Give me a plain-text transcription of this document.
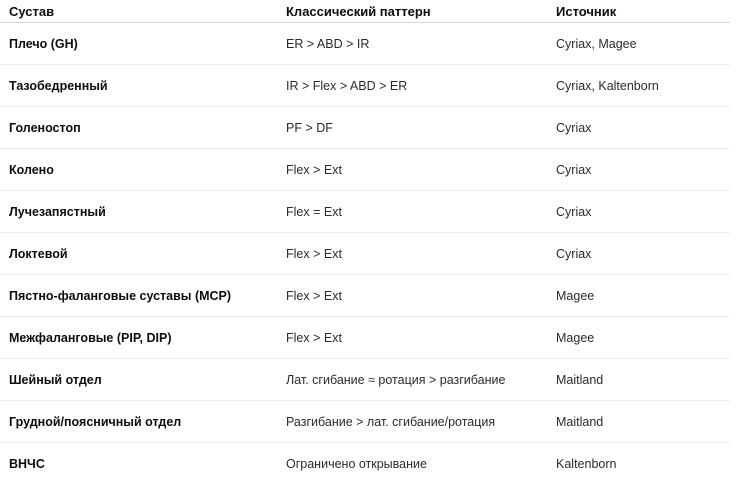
Сустав	Классический паттерн	Источник
Плечо (GH)	ER > ABD > IR	Cyriax, Magee
Тазобедренный	IR > Flex > ABD > ER	Cyriax, Kaltenborn
Голеностоп	PF > DF	Cyriax
Колено	Flex > Ext	Cyriax
Лучезапястный	Flex = Ext	Cyriax
Локтевой	Flex > Ext	Cyriax
Пястно-фаланговые суставы (MCP)	Flex > Ext	Magee
Межфаланговые (PIP, DIP)	Flex > Ext	Magee
Шейный отдел	Лат. сгибание ≈ ротация > разгибание	Maitland
Грудной/поясничный отдел	Разгибание > лат. сгибание/ротация	Maitland
ВНЧС	Ограничено открывание	Kaltenborn
